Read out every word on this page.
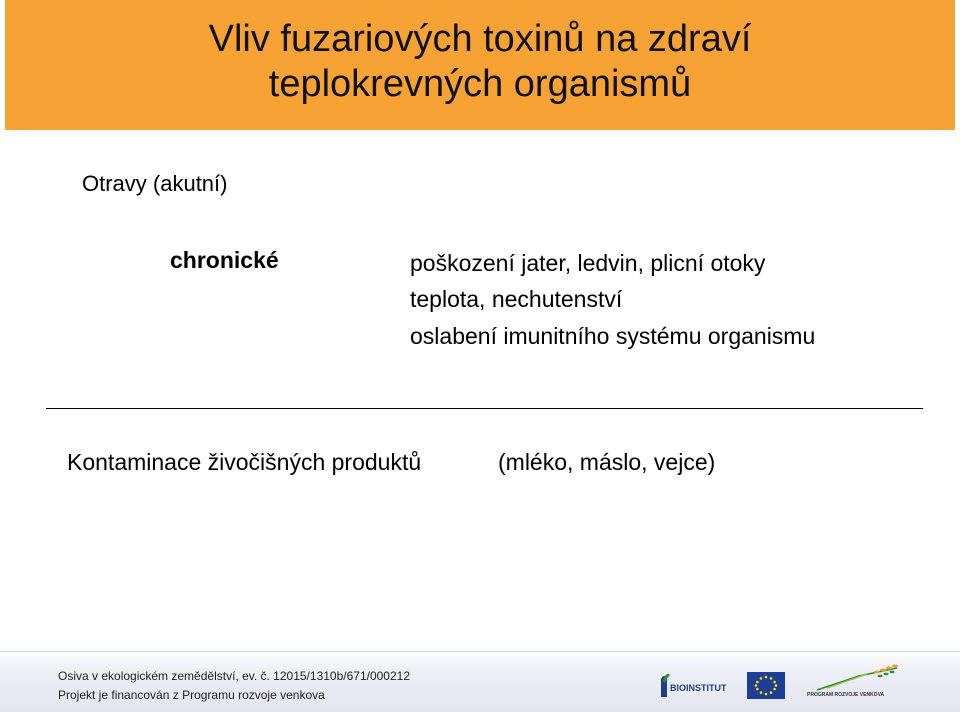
Vliv fuzariových toxinů na zdraví
teplokrevných organismů
Otravy (akutní)
chronické	poškození jater, ledvin, plicní otoky
teplota, nechutenství
oslabení imunitního systému organismu
Kontaminace živočišných produktů	(mléko, máslo, vejce)
Osiva v ekologickém zemědělství, ev. č. 12015/1310b/671/000212
Projekt je financován z Programu rozvoje venkova	BIOINSTITUT
PROGRAM ROZVOJE VENKOVA
